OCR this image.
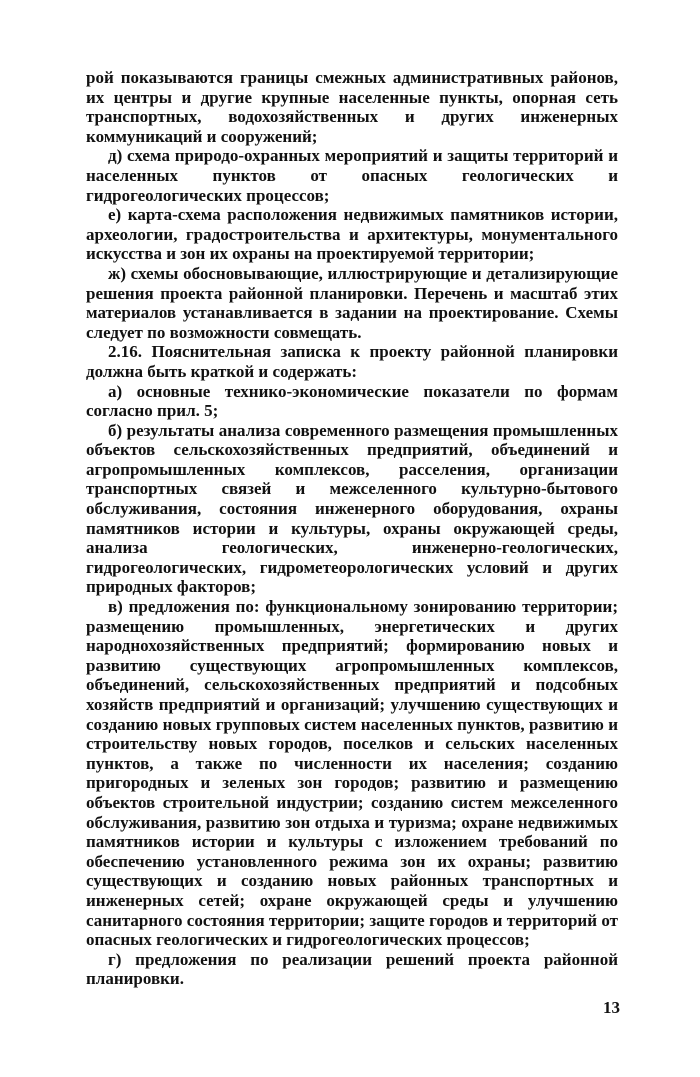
рой показываются границы смежных административных районов, их центры и другие крупные населенные пункты, опорная сеть транспортных, водохозяйственных и других инженерных коммуникаций и сооружений;

д) схема природо-охранных мероприятий и защиты территорий и населенных пунктов от опасных геологических и гидрогеологических процессов;

е) карта-схема расположения недвижимых памятников истории, археологии, градостроительства и архитектуры, монументального искусства и зон их охраны на проектируемой территории;

ж) схемы обосновывающие, иллюстрирующие и детализирующие решения проекта районной планировки. Перечень и масштаб этих материалов устанавливается в задании на проектирование. Схемы следует по возможности совмещать.

2.16. Пояснительная записка к проекту районной планировки должна быть краткой и содержать:

а) основные технико-экономические показатели по формам согласно прил. 5;

б) результаты анализа современного размещения промышленных объектов сельскохозяйственных предприятий, объединений и агропромышленных комплексов, расселения, организации транспортных связей и межселенного культурно-бытового обслуживания, состояния инженерного оборудования, охраны памятников истории и культуры, охраны окружающей среды, анализа геологических, инженерно-геологических, гидрогеологических, гидрометеорологических условий и других природных факторов;

в) предложения по: функциональному зонированию территории; размещению промышленных, энергетических и других народнохозяйственных предприятий; формированию новых и развитию существующих агропромышленных комплексов, объединений, сельскохозяйственных предприятий и подсобных хозяйств предприятий и организаций; улучшению существующих и созданию новых групповых систем населенных пунктов, развитию и строительству новых городов, поселков и сельских населенных пунктов, а также по численности их населения; созданию пригородных и зеленых зон городов; развитию и размещению объектов строительной индустрии; созданию систем межселенного обслуживания, развитию зон отдыха и туризма; охране недвижимых памятников истории и культуры с изложением требований по обеспечению установленного режима зон их охраны; развитию существующих и созданию новых районных транспортных и инженерных сетей; охране окружающей среды и улучшению санитарного состояния территории; защите городов и территорий от опасных геологических и гидрогеологических процессов;

г) предложения по реализации решений проекта районной планировки.

13
